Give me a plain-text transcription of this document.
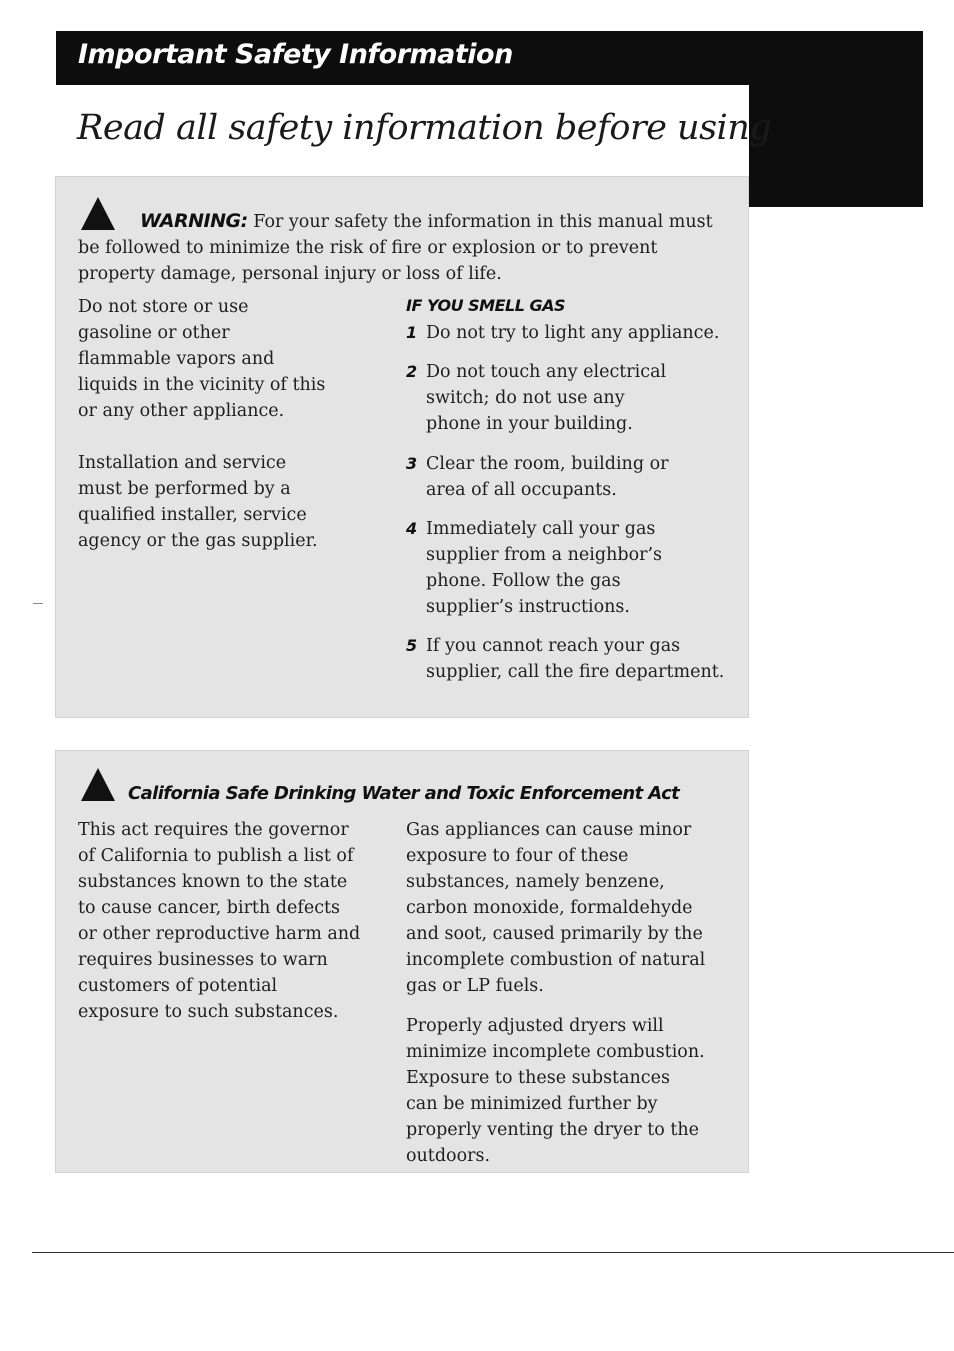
Important Safety Information
Read all safety information before using
WARNING: For your safety the information in this manual must be followed to minimize the risk of fire or explosion or to prevent property damage, personal injury or loss of life.

Do not store or use gasoline or other flammable vapors and liquids in the vicinity of this or any other appliance.

Installation and service must be performed by a qualified installer, service agency or the gas supplier.

IF YOU SMELL GAS
1 Do not try to light any appliance.
2 Do not touch any electrical switch; do not use any phone in your building.
3 Clear the room, building or area of all occupants.
4 Immediately call your gas supplier from a neighbor’s phone. Follow the gas supplier’s instructions.
5 If you cannot reach your gas supplier, call the fire department.
California Safe Drinking Water and Toxic Enforcement Act

This act requires the governor of California to publish a list of substances known to the state to cause cancer, birth defects or other reproductive harm and requires businesses to warn customers of potential exposure to such substances.

Gas appliances can cause minor exposure to four of these substances, namely benzene, carbon monoxide, formaldehyde and soot, caused primarily by the incomplete combustion of natural gas or LP fuels.

Properly adjusted dryers will minimize incomplete combustion. Exposure to these substances can be minimized further by properly venting the dryer to the outdoors.
